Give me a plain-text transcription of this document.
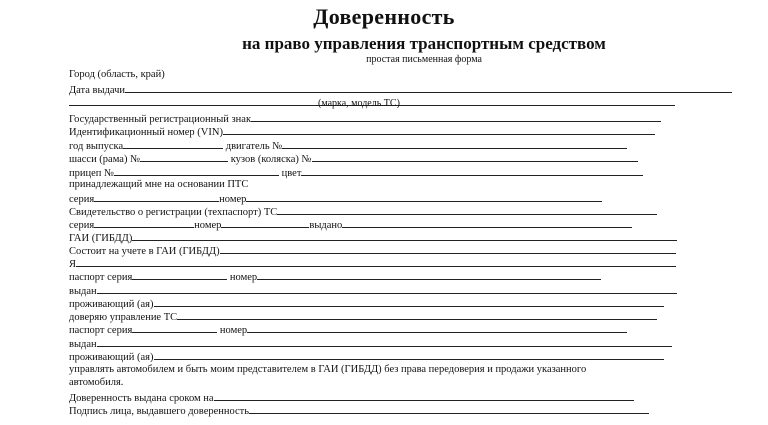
Доверенность
на право управления транспортным средством
простая письменная форма
Город (область, край)
Дата выдачи
(марка, модель ТС)
Государственный регистрационный знак
Идентификационный номер (VIN)
год выпуска	двигатель №
шасси (рама) №	кузов (коляска) №
прицеп №	цвет
принадлежащий мне на основании ПТС
серия	номер
Свидетельство о регистрации (техпаспорт) ТС
серия	номер	выдано
ГАИ (ГИБДД)
Состоит на учете в ГАИ (ГИБДД)
Я
паспорт серия	номер
выдан
проживающий (ая)
доверяю управление ТС
паспорт серия	номер
выдан
проживающий (ая)
управлять автомобилем и быть моим представителем в ГАИ (ГИБДД) без права передоверия и продажи указанного
автомобиля.
Доверенность выдана сроком на
Подпись лица, выдавшего доверенность
